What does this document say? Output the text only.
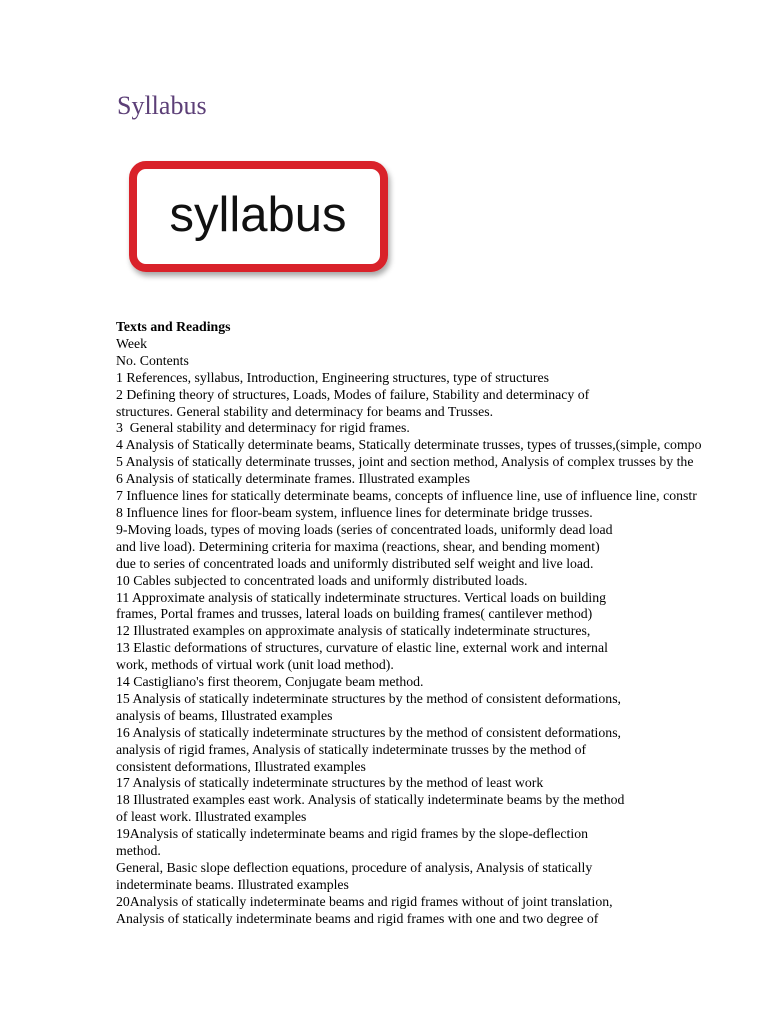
Syllabus
syllabus

Texts and Readings

Week

No. Contents

1 References, syllabus, Introduction, Engineering structures, type of structures

2 Defining theory of structures, Loads, Modes of failure, Stability and determinacy of

structures. General stability and determinacy for beams and Trusses.

3  General stability and determinacy for rigid frames.

4 Analysis of Statically determinate beams, Statically determinate trusses, types of trusses,(simple, compo

5 Analysis of statically determinate trusses, joint and section method, Analysis of complex trusses by the

6 Analysis of statically determinate frames. Illustrated examples

7 Influence lines for statically determinate beams, concepts of influence line, use of influence line, constr

8 Influence lines for floor-beam system, influence lines for determinate bridge trusses.

9-Moving loads, types of moving loads (series of concentrated loads, uniformly dead load

and live load). Determining criteria for maxima (reactions, shear, and bending moment)

due to series of concentrated loads and uniformly distributed self weight and live load.

10 Cables subjected to concentrated loads and uniformly distributed loads.

11 Approximate analysis of statically indeterminate structures. Vertical loads on building

frames, Portal frames and trusses, lateral loads on building frames( cantilever method)

12 Illustrated examples on approximate analysis of statically indeterminate structures,

13 Elastic deformations of structures, curvature of elastic line, external work and internal

work, methods of virtual work (unit load method).

14 Castigliano's first theorem, Conjugate beam method.

15 Analysis of statically indeterminate structures by the method of consistent deformations,

analysis of beams, Illustrated examples

16 Analysis of statically indeterminate structures by the method of consistent deformations,

analysis of rigid frames, Analysis of statically indeterminate trusses by the method of

consistent deformations, Illustrated examples

17 Analysis of statically indeterminate structures by the method of least work

18 Illustrated examples east work. Analysis of statically indeterminate beams by the method

of least work. Illustrated examples

19Analysis of statically indeterminate beams and rigid frames by the slope-deflection

method.

General, Basic slope deflection equations, procedure of analysis, Analysis of statically

indeterminate beams. Illustrated examples

20Analysis of statically indeterminate beams and rigid frames without of joint translation,

Analysis of statically indeterminate beams and rigid frames with one and two degree of
